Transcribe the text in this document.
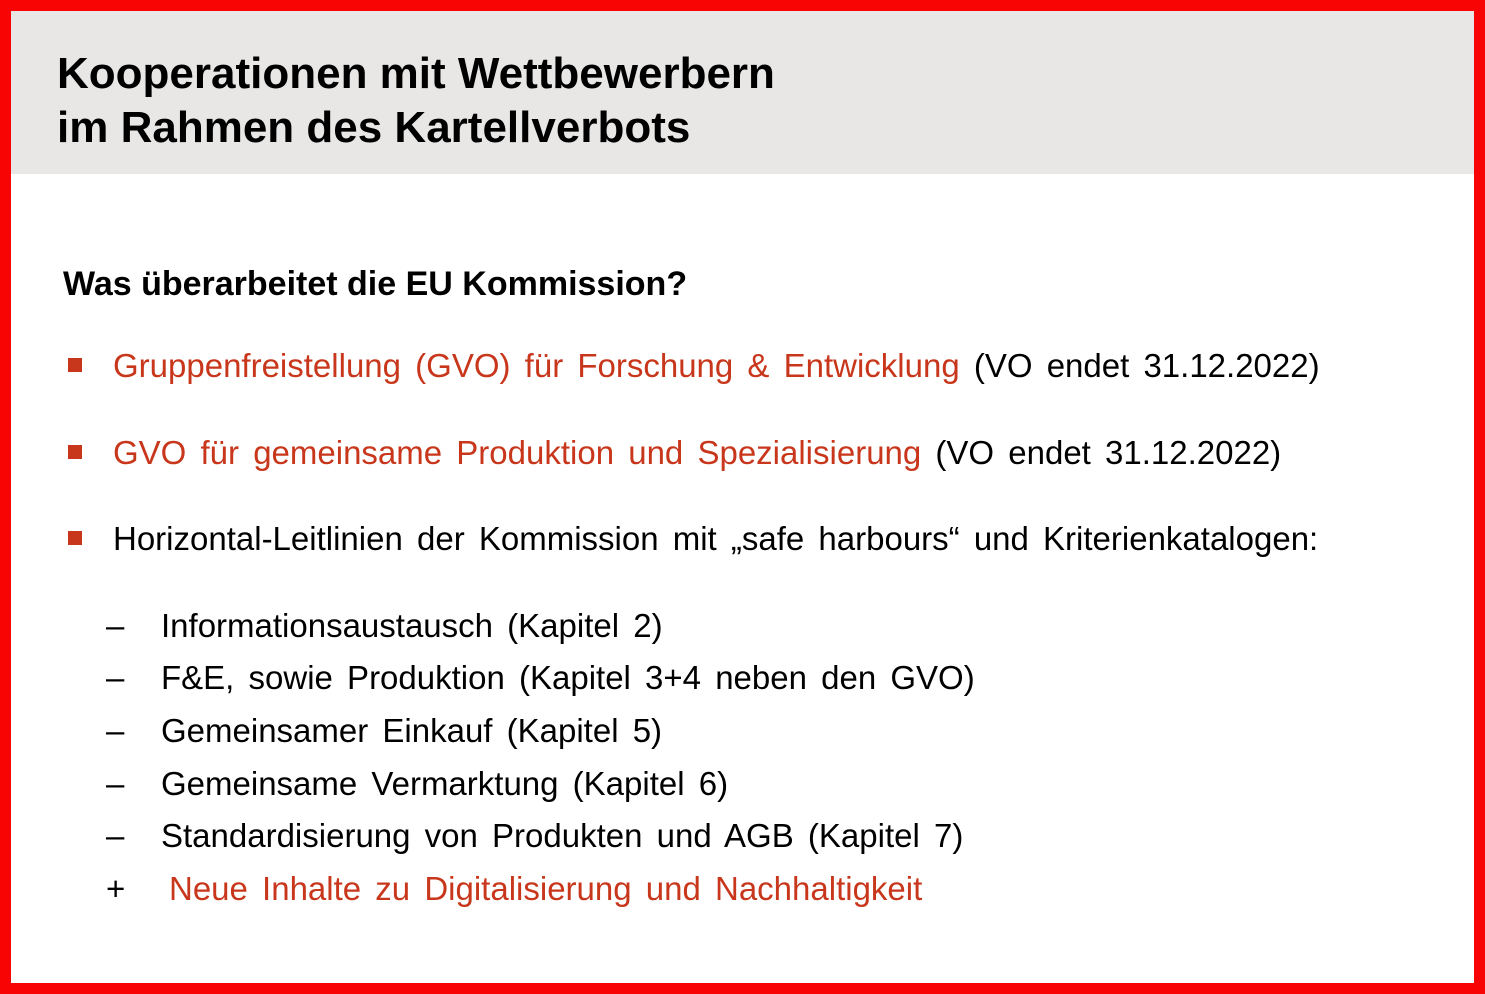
Kooperationen mit Wettbewerbern
im Rahmen des Kartellverbots
Was überarbeitet die EU Kommission?
Gruppenfreistellung (GVO) für Forschung & Entwicklung (VO endet 31.12.2022)
GVO für gemeinsame Produktion und Spezialisierung (VO endet 31.12.2022)
Horizontal-Leitlinien der Kommission mit „safe harbours“ und Kriterienkatalogen:
–	Informationsaustausch (Kapitel 2)
–	F&E, sowie Produktion (Kapitel 3+4 neben den GVO)
–	Gemeinsamer Einkauf (Kapitel 5)
–	Gemeinsame Vermarktung (Kapitel 6)
–	Standardisierung von Produkten und AGB (Kapitel 7)
+	Neue Inhalte zu Digitalisierung und Nachhaltigkeit
